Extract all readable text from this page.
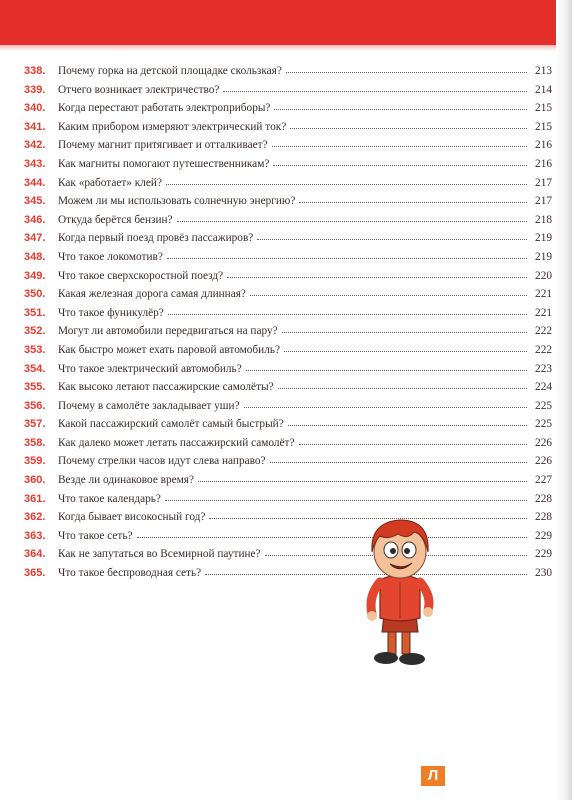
338.	Почему горка на детской площадке скользкая?	213
339.	Отчего возникает электричество?	214
340.	Когда перестают работать электроприборы?	215
341.	Каким прибором измеряют электрический ток?	215
342.	Почему магнит притягивает и отталкивает?	216
343.	Как магниты помогают путешественникам?	216
344.	Как «работает» клей?	217
345.	Можем ли мы использовать солнечную энергию?	217
346.	Откуда берётся бензин?	218
347.	Когда первый поезд провёз пассажиров?	219
348.	Что такое локомотив?	219
349.	Что такое сверхскоростной поезд?	220
350.	Какая железная дорога самая длинная?	221
351.	Что такое фуникулёр?	221
352.	Могут ли автомобили передвигаться на пару?	222
353.	Как быстро может ехать паровой автомобиль?	222
354.	Что такое электрический автомобиль?	223
355.	Как высоко летают пассажирские самолёты?	224
356.	Почему в самолёте закладывает уши?	225
357.	Какой пассажирский самолёт самый быстрый?	225
358.	Как далеко может летать пассажирский самолёт?	226
359.	Почему стрелки часов идут слева направо?	226
360.	Везде ли одинаковое время?	227
361.	Что такое календарь?	228
362.	Когда бывает високосный год?	228
363.	Что такое сеть?	229
364.	Как не запутаться во Всемирной паутине?	229
365.	Что такое беспроводная сеть?	230
Л
